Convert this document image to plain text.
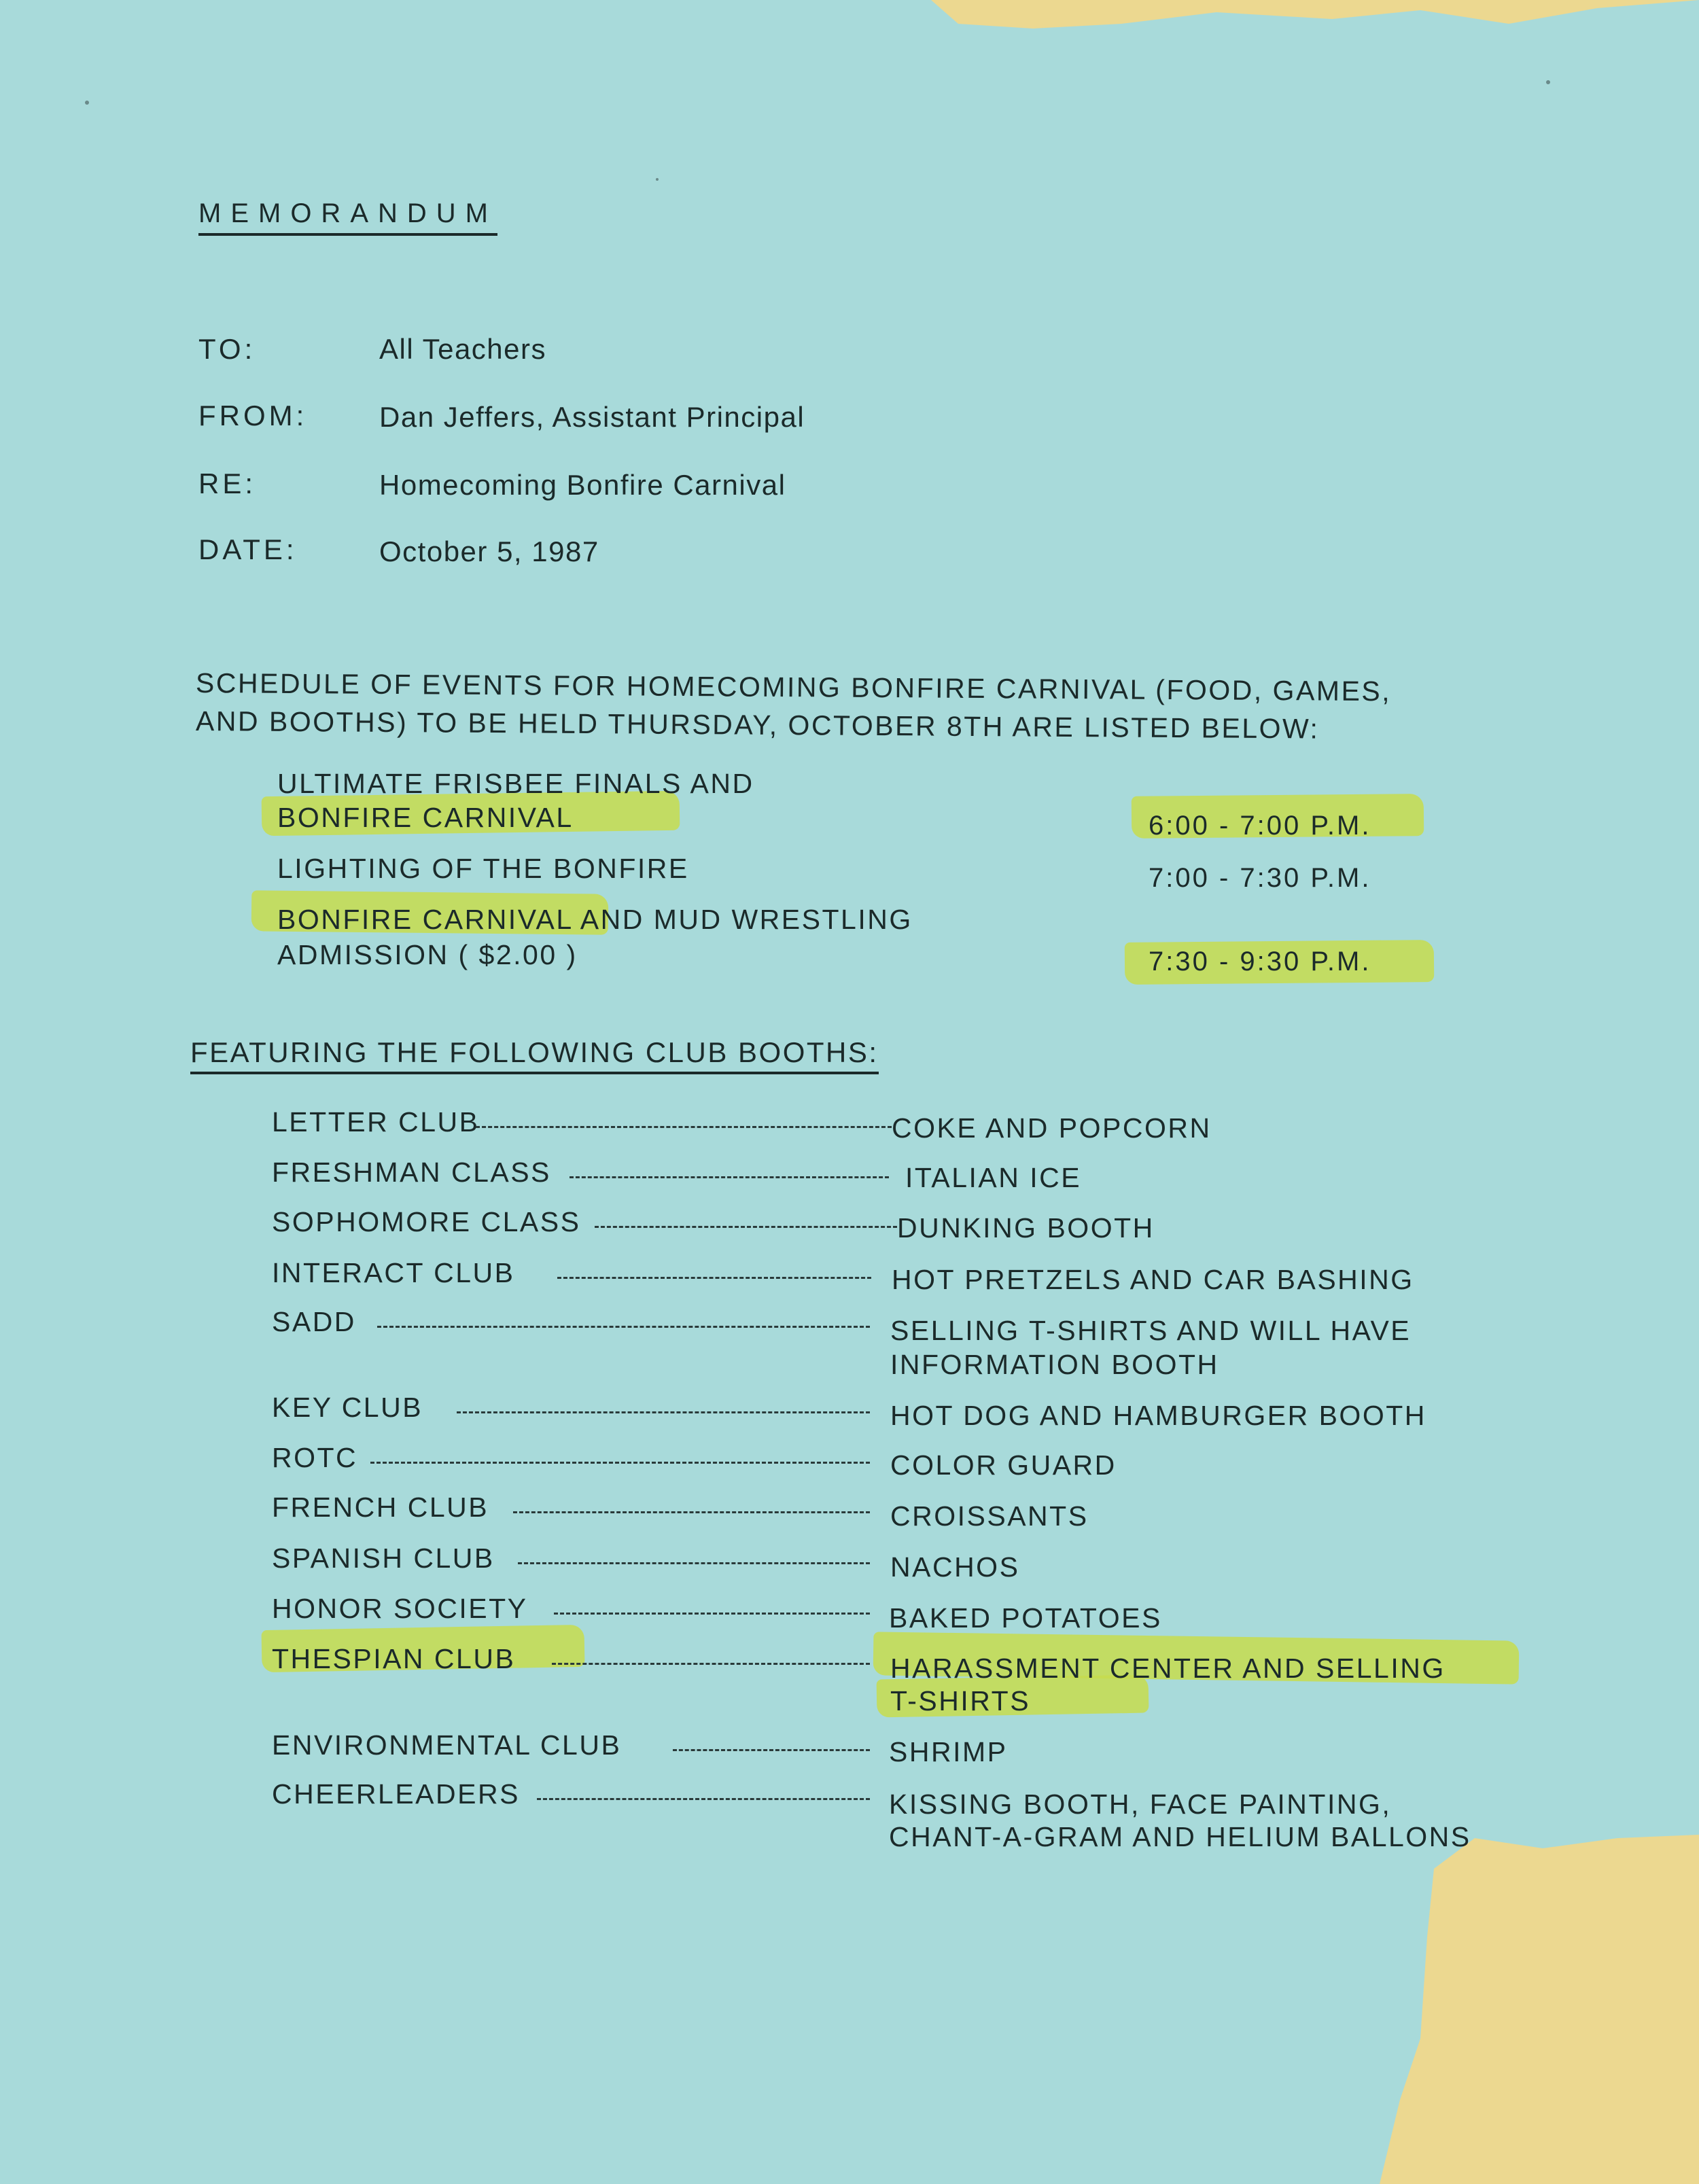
MEMORANDUM
TO:	All Teachers
FROM:	Dan Jeffers, Assistant Principal
RE:	Homecoming Bonfire Carnival
DATE:	October 5, 1987
SCHEDULE OF EVENTS FOR HOMECOMING BONFIRE CARNIVAL (FOOD, GAMES,
AND BOOTHS) TO BE HELD THURSDAY, OCTOBER 8TH ARE LISTED BELOW:
ULTIMATE FRISBEE FINALS AND
BONFIRE CARNIVAL	6:00 - 7:00 P.M.
LIGHTING OF THE BONFIRE	7:00 - 7:30 P.M.
BONFIRE CARNIVAL AND MUD WRESTLING
ADMISSION ( $2.00 )	7:30 - 9:30 P.M.
FEATURING THE FOLLOWING CLUB BOOTHS:
LETTER CLUB	COKE AND POPCORN
FRESHMAN CLASS	ITALIAN ICE
SOPHOMORE CLASS	DUNKING BOOTH
INTERACT CLUB	HOT PRETZELS AND CAR BASHING
SADD	SELLING T-SHIRTS AND WILL HAVE
INFORMATION BOOTH
KEY CLUB	HOT DOG AND HAMBURGER BOOTH
ROTC	COLOR GUARD
FRENCH CLUB	CROISSANTS
SPANISH CLUB	NACHOS
HONOR SOCIETY	BAKED POTATOES
THESPIAN CLUB	HARASSMENT CENTER AND SELLING
T-SHIRTS
ENVIRONMENTAL CLUB	SHRIMP
CHEERLEADERS	KISSING BOOTH, FACE PAINTING,
CHANT-A-GRAM AND HELIUM BALLONS
